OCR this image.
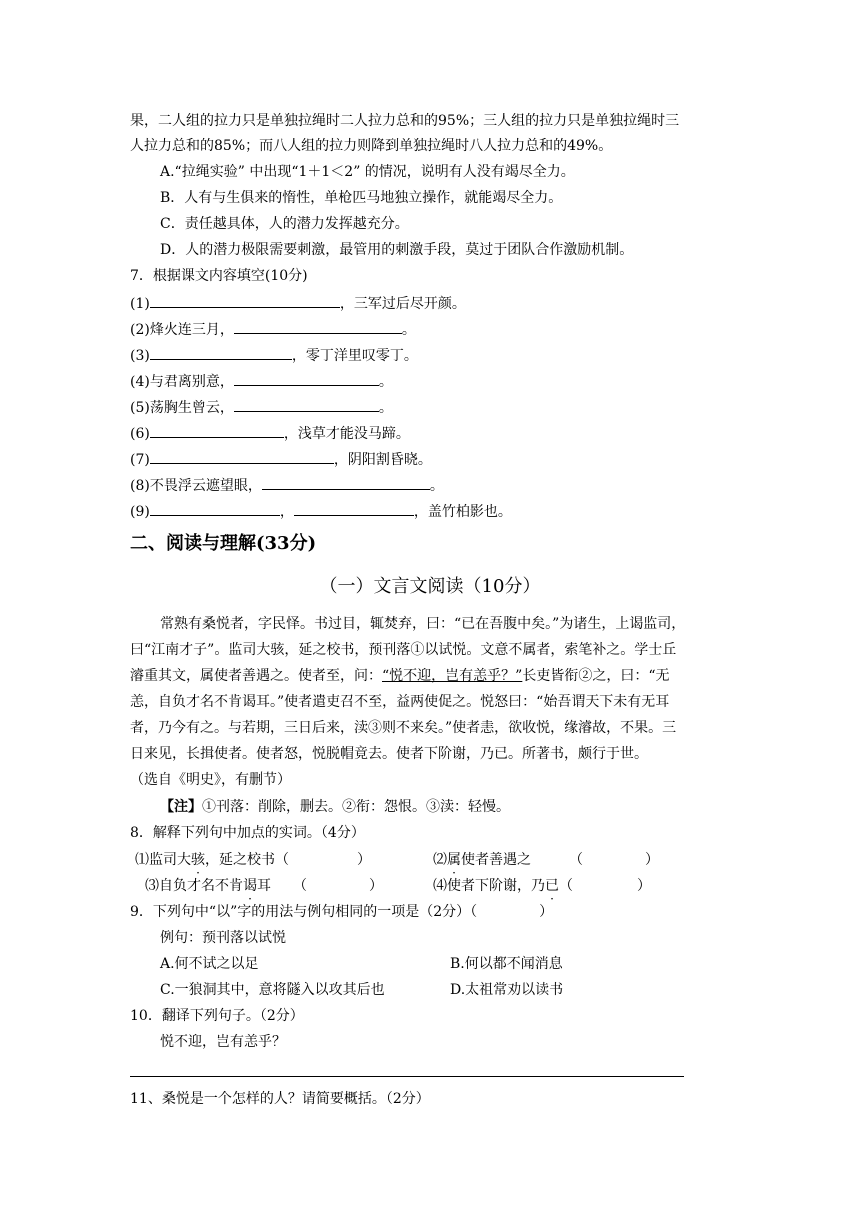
果，二人组的拉力只是单独拉绳时二人拉力总和的95%；三人组的拉力只是单独拉绳时三
人拉力总和的85%；而八人组的拉力则降到单独拉绳时八人拉力总和的49%。
A.“拉绳实验” 中出现“1＋1＜2” 的情况，说明有人没有竭尽全力。
B．人有与生俱来的惰性，单枪匹马地独立操作，就能竭尽全力。
C．责任越具体，人的潜力发挥越充分。
D．人的潜力极限需要刺激，最管用的刺激手段，莫过于团队合作激励机制。
7．根据课文内容填空(10分)
(1)	，三军过后尽开颜。
(2)烽火连三月，	。
(3)	，零丁洋里叹零丁。
(4)与君离别意，	。
(5)荡胸生曾云，	。
(6)	，浅草才能没马蹄。
(7)	，阴阳割昏晓。
(8)不畏浮云遮望眼，	。
(9)	，	，盖竹柏影也。
二、阅读与理解(33分)
（一）文言文阅读（10分）
常熟有桑悦者，字民怿。书过目，辄焚弃，曰：“已在吾腹中矣。”为诸生，上谒监司，
曰“江南才子”。监司大骇，延之校书，预刊落①以试悦。文意不属者，索笔补之。学士丘
濬重其文，属使者善遇之。使者至，问：“悦不迎，岂有恙乎？”长吏皆衔②之，曰：“无
恙，自负才名不肯谒耳。”使者遣吏召不至，益两使促之。悦怒曰：“始吾谓天下未有无耳
者，乃今有之。与若期，三日后来，渎③则不来矣。”使者恚，欲收悦，缘濬故，不果。三
日来见，长揖使者。使者怒，悦脱帽竟去。使者下阶谢，乃已。所著书，颇行于世。
（选自《明史》，有删节）
【注】①刊落：削除，删去。②衔：怨恨。③渎：轻慢。
8．解释下列句中加点的实词。（4分）
⑴监司大骇，延之校书（	）	⑵属使者善遇之	（	）
⑶自负才名不肯谒耳 （	）	⑷使者下阶谢，乃已（	）
9．下列句中“以”字的用法与例句相同的一项是（2分）（	）
例句：预刊落以试悦
A.何不试之以足	B.何以都不闻消息
C.一狼洞其中，意将隧入以攻其后也	D.太祖常劝以读书
10．翻译下列句子。（2分）
悦不迎，岂有恙乎？
11、桑悦是一个怎样的人？请简要概括。（2分）
